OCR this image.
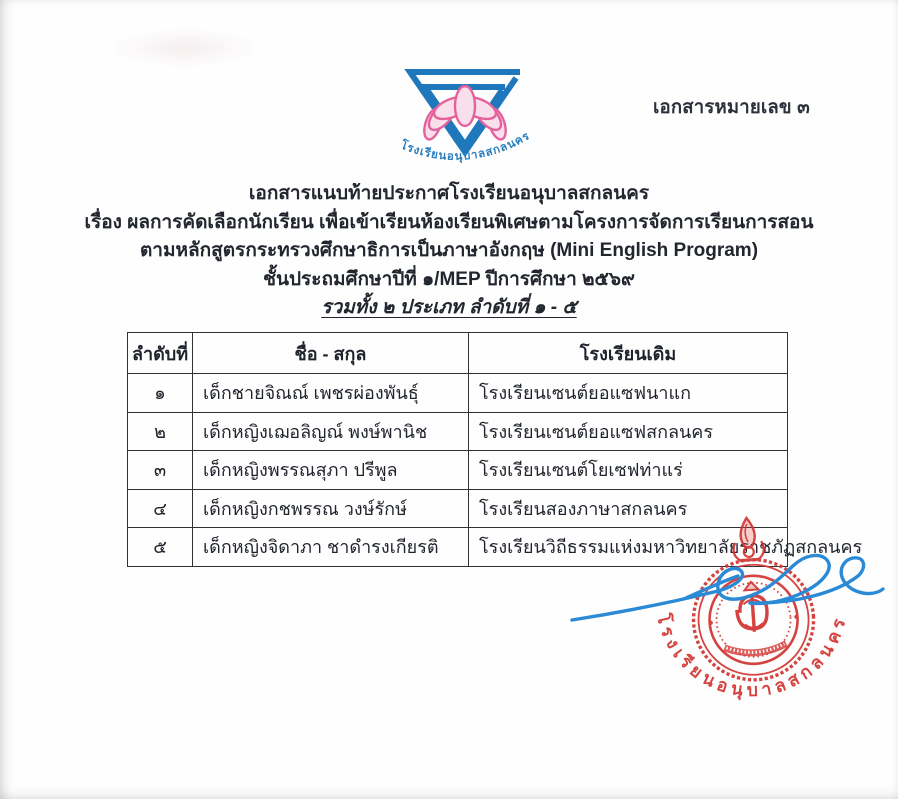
โรงเรียนอนุบาลสกลนคร
เอกสารหมายเลข ๓
เอกสารแนบท้ายประกาศโรงเรียนอนุบาลสกลนคร
เรื่อง ผลการคัดเลือกนักเรียน เพื่อเข้าเรียนห้องเรียนพิเศษตามโครงการจัดการเรียนการสอน
ตามหลักสูตรกระทรวงศึกษาธิการเป็นภาษาอังกฤษ (Mini English Program)
ชั้นประถมศึกษาปีที่ ๑/MEP ปีการศึกษา ๒๕๖๙
รวมทั้ง ๒ ประเภท ลำดับที่ ๑ - ๕
ลำดับที่	ชื่อ - สกุล	โรงเรียนเดิม
๑	เด็กชายจิณณ์ เพชรผ่องพันธุ์	โรงเรียนเซนต์ยอแซฟนาแก
๒	เด็กหญิงเฌอลิญณ์ พงษ์พานิช	โรงเรียนเซนต์ยอแซฟสกลนคร
๓	เด็กหญิงพรรณสุภา ปรีพูล	โรงเรียนเซนต์โยเซฟท่าแร่
๔	เด็กหญิงกชพรรณ วงษ์รักษ์	โรงเรียนสองภาษาสกลนคร
๕	เด็กหญิงจิดาภา ชาดำรงเกียรติ	โรงเรียนวิถีธรรมแห่งมหาวิทยาลัยราชภัฏสกลนคร
โรงเรียนอนุบาลสกลนคร
